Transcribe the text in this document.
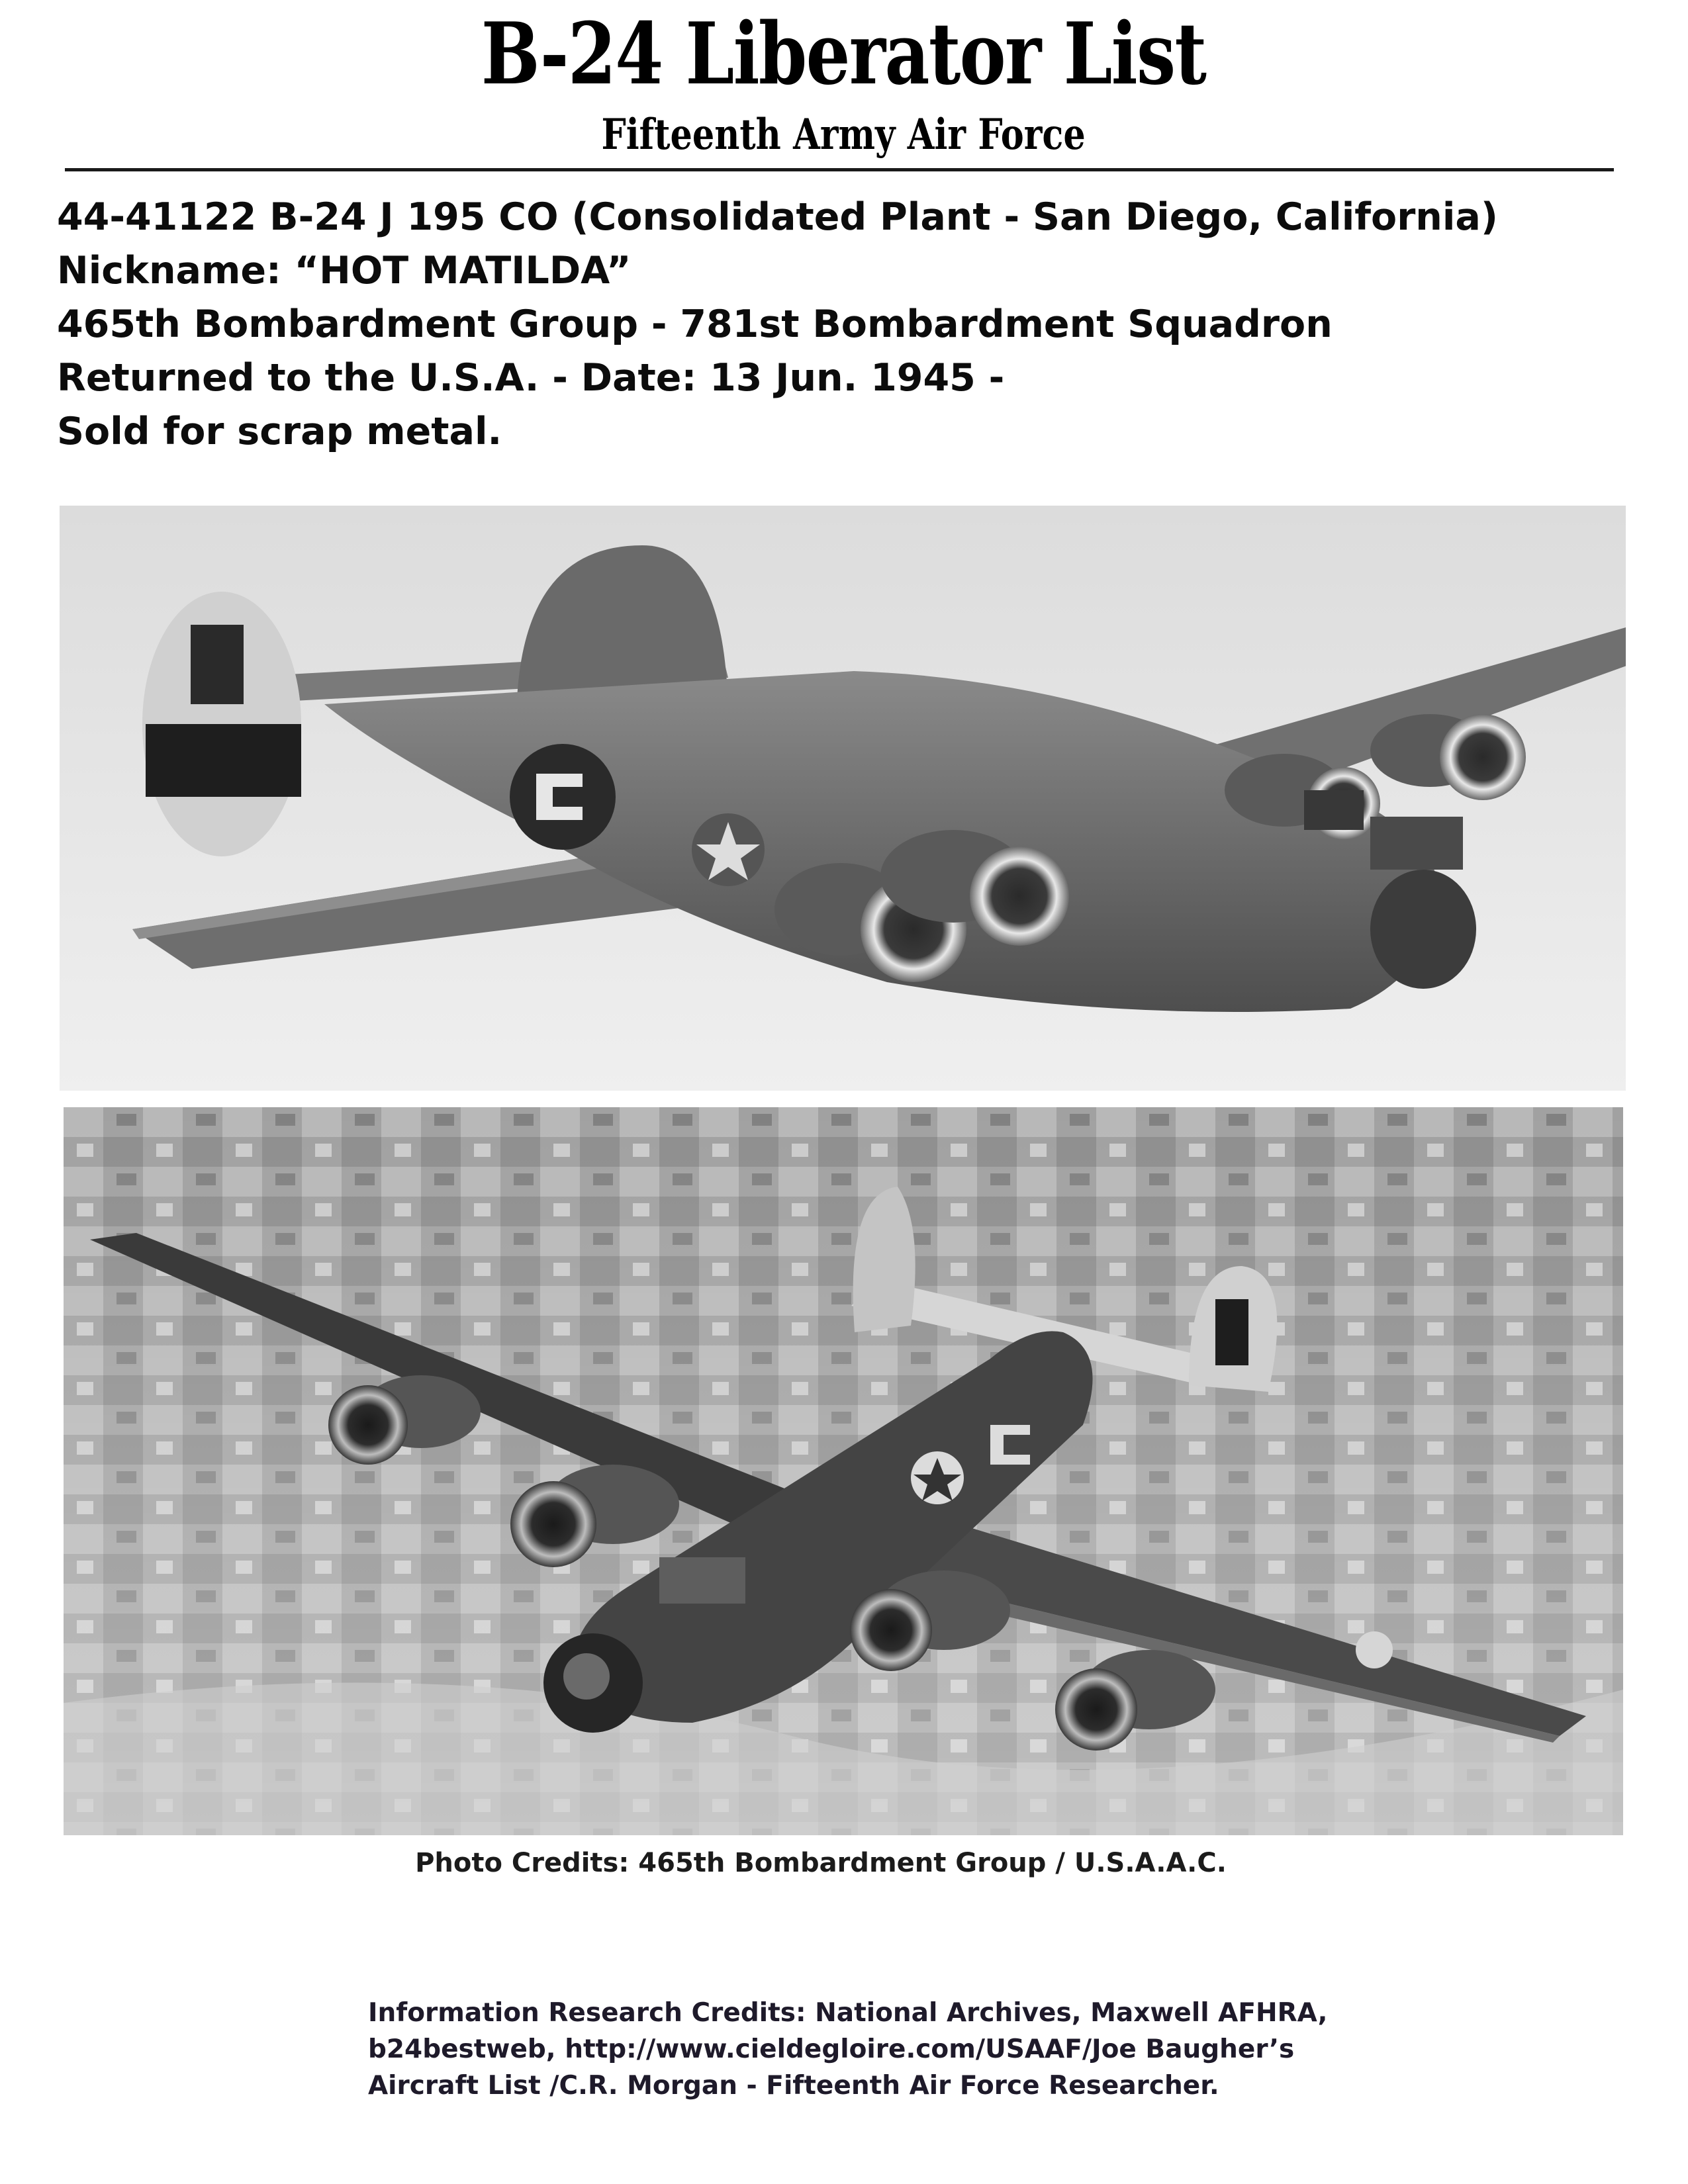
B-24 Liberator List
Fifteenth Army Air Force
44-41122 B-24 J 195 CO (Consolidated Plant - San Diego, California)
Nickname: “HOT MATILDA”
465th Bombardment Group - 781st Bombardment Squadron
Returned to the U.S.A. - Date: 13 Jun. 1945 -
Sold for scrap metal.
Photo Credits: 465th Bombardment Group / U.S.A.A.C.
Information Research Credits: National Archives, Maxwell AFHRA,
b24bestweb, http://www.cieldegloire.com/USAAF/Joe Baugher’s
Aircraft List /C.R. Morgan - Fifteenth Air Force Researcher.
